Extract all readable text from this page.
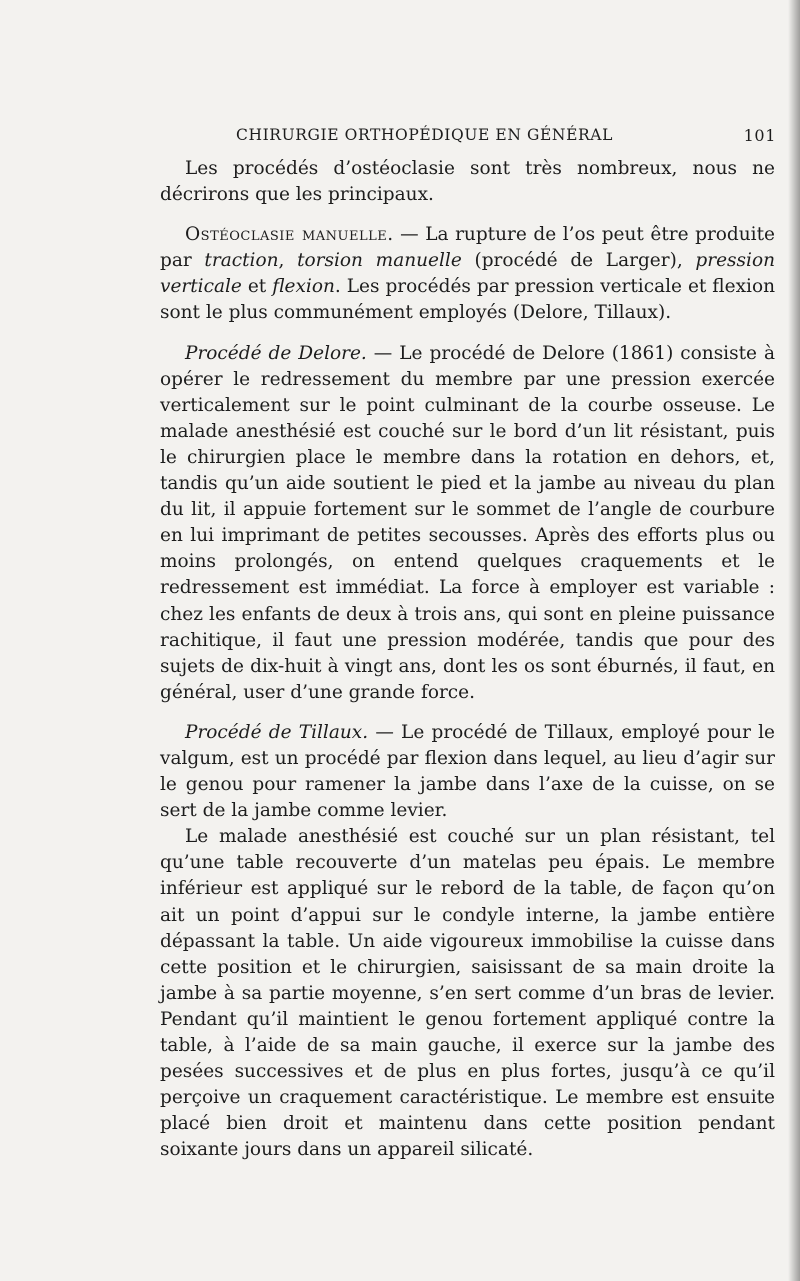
CHIRURGIE ORTHOPÉDIQUE EN GÉNÉRAL	101

Les procédés d’ostéoclasie sont très nombreux, nous ne décrirons que les principaux.

Ostéoclasie manuelle. — La rupture de l’os peut être produite par traction, torsion manuelle (procédé de Larger), pression verticale et flexion. Les procédés par pression verticale et flexion sont le plus communément employés (Delore, Tillaux).

Procédé de Delore. — Le procédé de Delore (1861) consiste à opérer le redressement du membre par une pression exercée verticalement sur le point culminant de la courbe osseuse. Le malade anesthésié est couché sur le bord d’un lit résistant, puis le chirurgien place le membre dans la rotation en dehors, et, tandis qu’un aide soutient le pied et la jambe au niveau du plan du lit, il appuie fortement sur le sommet de l’angle de courbure en lui imprimant de petites secousses. Après des efforts plus ou moins prolongés, on entend quelques craquements et le redressement est immédiat. La force à employer est variable : chez les enfants de deux à trois ans, qui sont en pleine puissance rachitique, il faut une pression modérée, tandis que pour des sujets de dix-huit à vingt ans, dont les os sont éburnés, il faut, en général, user d’une grande force.

Procédé de Tillaux. — Le procédé de Tillaux, employé pour le valgum, est un procédé par flexion dans lequel, au lieu d’agir sur le genou pour ramener la jambe dans l’axe de la cuisse, on se sert de la jambe comme levier.

Le malade anesthésié est couché sur un plan résistant, tel qu’une table recouverte d’un matelas peu épais. Le membre inférieur est appliqué sur le rebord de la table, de façon qu’on ait un point d’appui sur le condyle interne, la jambe entière dépassant la table. Un aide vigoureux immobilise la cuisse dans cette position et le chirurgien, saisissant de sa main droite la jambe à sa partie moyenne, s’en sert comme d’un bras de levier. Pendant qu’il maintient le genou fortement appliqué contre la table, à l’aide de sa main gauche, il exerce sur la jambe des pesées successives et de plus en plus fortes, jusqu’à ce qu’il perçoive un craquement caractéristique. Le membre est ensuite placé bien droit et maintenu dans cette position pendant soixante jours dans un appareil silicaté.
